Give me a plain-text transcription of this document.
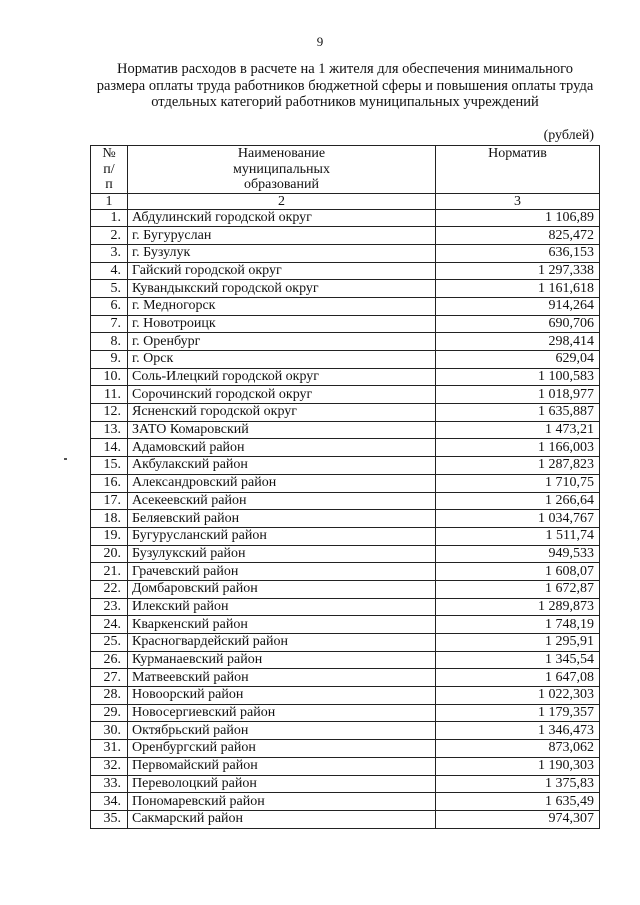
9
Норматив расходов в расчете на 1 жителя для обеспечения минимального размера оплаты труда работников бюджетной сферы и повышения оплаты труда отдельных категорий работников муниципальных учреждений
(рублей)
№ п/п	Наименование муниципальных образований	Норматив
1	2	3
1.	Абдулинский городской округ	1 106,89
2.	г. Бугуруслан	825,472
3.	г. Бузулук	636,153
4.	Гайский городской округ	1 297,338
5.	Кувандыкский городской округ	1 161,618
6.	г. Медногорск	914,264
7.	г. Новотроицк	690,706
8.	г. Оренбург	298,414
9.	г. Орск	629,04
10.	Соль-Илецкий городской округ	1 100,583
11.	Сорочинский городской округ	1 018,977
12.	Ясненский городской округ	1 635,887
13.	ЗАТО Комаровский	1 473,21
14.	Адамовский район	1 166,003
15.	Акбулакский район	1 287,823
16.	Александровский район	1 710,75
17.	Асекеевский район	1 266,64
18.	Беляевский район	1 034,767
19.	Бугурусланский район	1 511,74
20.	Бузулукский район	949,533
21.	Грачевский район	1 608,07
22.	Домбаровский район	1 672,87
23.	Илекский район	1 289,873
24.	Кваркенский район	1 748,19
25.	Красногвардейский район	1 295,91
26.	Курманаевский район	1 345,54
27.	Матвеевский район	1 647,08
28.	Новоорский район	1 022,303
29.	Новосергиевский район	1 179,357
30.	Октябрьский район	1 346,473
31.	Оренбургский район	873,062
32.	Первомайский район	1 190,303
33.	Переволоцкий район	1 375,83
34.	Пономаревский район	1 635,49
35.	Сакмарский район	974,307
